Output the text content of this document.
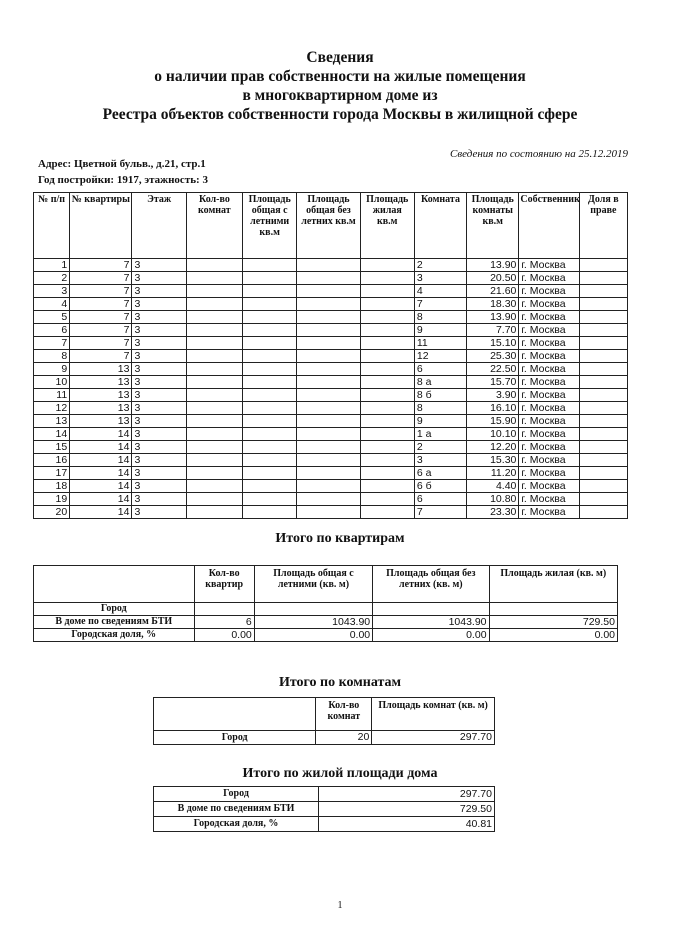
Сведения
о наличии прав собственности на жилые помещения
в многоквартирном доме из
Реестра объектов собственности города Москвы в жилищной сфере
Сведения по состоянию на 25.12.2019
Адрес: Цветной бульв., д.21, стр.1
Год постройки: 1917, этажность: 3
№ п/п	№ квартиры	Этаж	Кол-во комнат	Площадь общая с летними кв.м	Площадь общая без летних кв.м	Площадь жилая кв.м	Комната	Площадь комнаты кв.м	Собственник	Доля в праве
1	7	3					2	13.90	г. Москва	
2	7	3					3	20.50	г. Москва	
3	7	3					4	21.60	г. Москва	
4	7	3					7	18.30	г. Москва	
5	7	3					8	13.90	г. Москва	
6	7	3					9	7.70	г. Москва	
7	7	3					11	15.10	г. Москва	
8	7	3					12	25.30	г. Москва	
9	13	3					6	22.50	г. Москва	
10	13	3					8 а	15.70	г. Москва	
11	13	3					8 б	3.90	г. Москва	
12	13	3					8	16.10	г. Москва	
13	13	3					9	15.90	г. Москва	
14	14	3					1 а	10.10	г. Москва	
15	14	3					2	12.20	г. Москва	
16	14	3					3	15.30	г. Москва	
17	14	3					6 а	11.20	г. Москва	
18	14	3					6 б	4.40	г. Москва	
19	14	3					6	10.80	г. Москва	
20	14	3					7	23.30	г. Москва	
Итого по квартирам
	Кол-во квартир	Площадь общая с летними (кв. м)	Площадь общая без летних (кв. м)	Площадь жилая (кв. м)
Город				
В доме по сведениям БТИ	6	1043.90	1043.90	729.50
Городская доля, %	0.00	0.00	0.00	0.00
Итого по комнатам
	Кол-во комнат	Площадь комнат (кв. м)
Город	20	297.70
Итого по жилой площади дома
Город	297.70
В доме по сведениям БТИ	729.50
Городская доля, %	40.81
1
